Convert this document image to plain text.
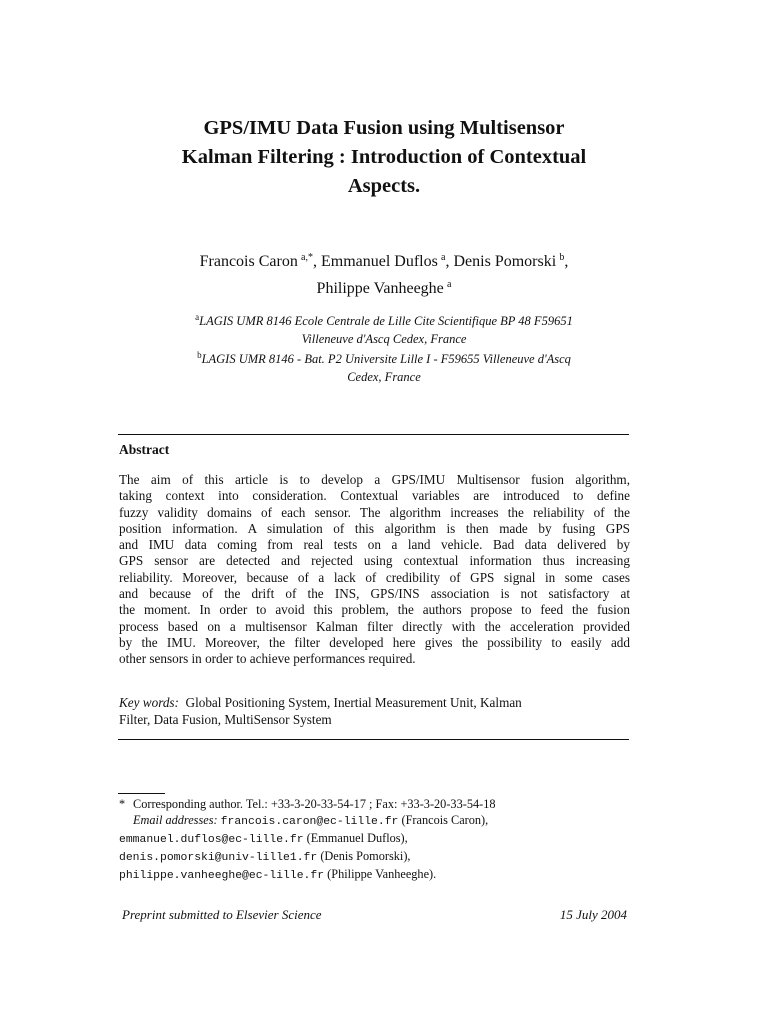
GPS/IMU Data Fusion using Multisensor
Kalman Filtering : Introduction of Contextual
Aspects.
Francois Caron  $^{a,*}$, Emmanuel Duflos  $^a$, Denis Pomorski  $^b$,
Philippe Vanheeghe  $^a$
$^a$LAGIS UMR 8146 Ecole Centrale de Lille Cite Scientifique BP 48 F59651
Villeneuve d'Ascq Cedex, France
$^b$LAGIS UMR 8146 - Bat. P2 Universite Lille I - F59655 Villeneuve d'Ascq
Cedex, France
Abstract
The aim of this article is to develop a GPS/IMU Multisensor fusion algorithm,
taking context into consideration. Contextual variables are introduced to define
fuzzy validity domains of each sensor. The algorithm increases the reliability of the
position information. A simulation of this algorithm is then made by fusing GPS
and IMU data coming from real tests on a land vehicle. Bad data delivered by
GPS sensor are detected and rejected using contextual information thus increasing
reliability. Moreover, because of a lack of credibility of GPS signal in some cases
and because of the drift of the INS, GPS/INS association is not satisfactory at
the moment. In order to avoid this problem, the authors propose to feed the fusion
process based on a multisensor Kalman filter directly with the acceleration provided
by the IMU. Moreover, the filter developed here gives the possibility to easily add
other sensors in order to achieve performances required.
Key words: Global Positioning System, Inertial Measurement Unit, Kalman
Filter, Data Fusion, MultiSensor System
* Corresponding author. Tel.: +33-3-20-33-54-17 ; Fax: +33-3-20-33-54-18
Email addresses: francois.caron@ec-lille.fr (Francois Caron),
emmanuel.duflos@ec-lille.fr (Emmanuel Duflos),
denis.pomorski@univ-lille1.fr (Denis Pomorski),
philippe.vanheeghe@ec-lille.fr (Philippe Vanheeghe).
Preprint submitted to Elsevier Science	15 July 2004
